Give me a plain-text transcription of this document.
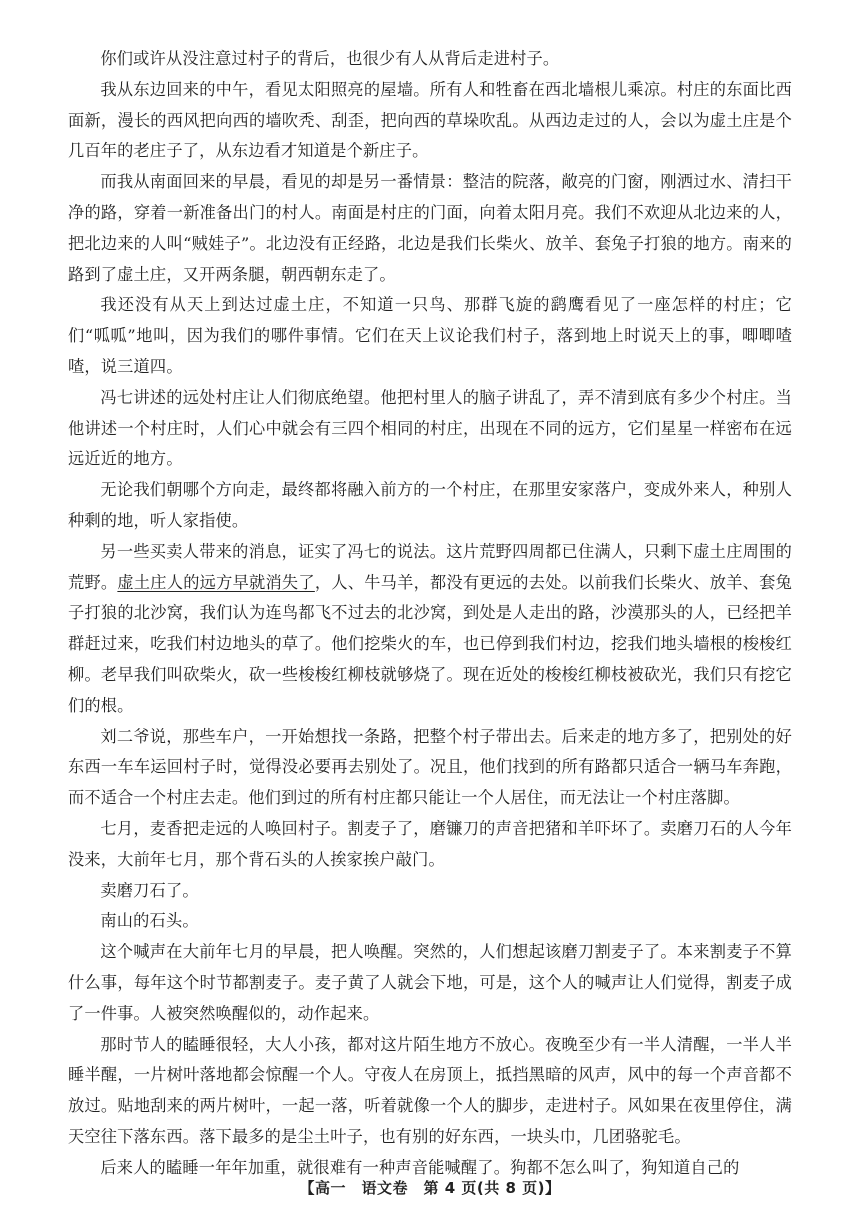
你们或许从没注意过村子的背后，也很少有人从背后走进村子。

我从东边回来的中午，看见太阳照亮的屋墙。所有人和牲畜在西北墙根儿乘凉。村庄的东面比西面新，漫长的西风把向西的墙吹秃、刮歪，把向西的草垛吹乱。从西边走过的人，会以为虚土庄是个几百年的老庄子了，从东边看才知道是个新庄子。

而我从南面回来的早晨，看见的却是另一番情景：整洁的院落，敞亮的门窗，刚洒过水、清扫干净的路，穿着一新准备出门的村人。南面是村庄的门面，向着太阳月亮。我们不欢迎从北边来的人，把北边来的人叫“贼娃子”。北边没有正经路，北边是我们长柴火、放羊、套兔子打狼的地方。南来的路到了虚土庄，又开两条腿，朝西朝东走了。

我还没有从天上到达过虚土庄，不知道一只鸟、那群飞旋的鹞鹰看见了一座怎样的村庄；它们“呱呱”地叫，因为我们的哪件事情。它们在天上议论我们村子，落到地上时说天上的事，唧唧喳喳，说三道四。

冯七讲述的远处村庄让人们彻底绝望。他把村里人的脑子讲乱了，弄不清到底有多少个村庄。当他讲述一个村庄时，人们心中就会有三四个相同的村庄，出现在不同的远方，它们星星一样密布在远远近近的地方。

无论我们朝哪个方向走，最终都将融入前方的一个村庄，在那里安家落户，变成外来人，种别人种剩的地，听人家指使。

另一些买卖人带来的消息，证实了冯七的说法。这片荒野四周都已住满人，只剩下虚土庄周围的荒野。虚土庄人的远方早就消失了，人、牛马羊，都没有更远的去处。以前我们长柴火、放羊、套兔子打狼的北沙窝，我们认为连鸟都飞不过去的北沙窝，到处是人走出的路，沙漠那头的人，已经把羊群赶过来，吃我们村边地头的草了。他们挖柴火的车，也已停到我们村边，挖我们地头墙根的梭梭红柳。老早我们叫砍柴火，砍一些梭梭红柳枝就够烧了。现在近处的梭梭红柳枝被砍光，我们只有挖它们的根。

刘二爷说，那些车户，一开始想找一条路，把整个村子带出去。后来走的地方多了，把别处的好东西一车车运回村子时，觉得没必要再去别处了。况且，他们找到的所有路都只适合一辆马车奔跑，而不适合一个村庄去走。他们到过的所有村庄都只能让一个人居住，而无法让一个村庄落脚。

七月，麦香把走远的人唤回村子。割麦子了，磨镰刀的声音把猪和羊吓坏了。卖磨刀石的人今年没来，大前年七月，那个背石头的人挨家挨户敲门。

卖磨刀石了。

南山的石头。

这个喊声在大前年七月的早晨，把人唤醒。突然的，人们想起该磨刀割麦子了。本来割麦子不算什么事，每年这个时节都割麦子。麦子黄了人就会下地，可是，这个人的喊声让人们觉得，割麦子成了一件事。人被突然唤醒似的，动作起来。

那时节人的瞌睡很轻，大人小孩，都对这片陌生地方不放心。夜晚至少有一半人清醒，一半人半睡半醒，一片树叶落地都会惊醒一个人。守夜人在房顶上，抵挡黑暗的风声，风中的每一个声音都不放过。贴地刮来的两片树叶，一起一落，听着就像一个人的脚步，走进村子。风如果在夜里停住，满天空往下落东西。落下最多的是尘土叶子，也有别的好东西，一块头巾，几团骆驼毛。

后来人的瞌睡一年年加重，就很难有一种声音能喊醒了。狗都不怎么叫了，狗知道自己的

【高一　语文卷　第 4 页(共 8 页)】
